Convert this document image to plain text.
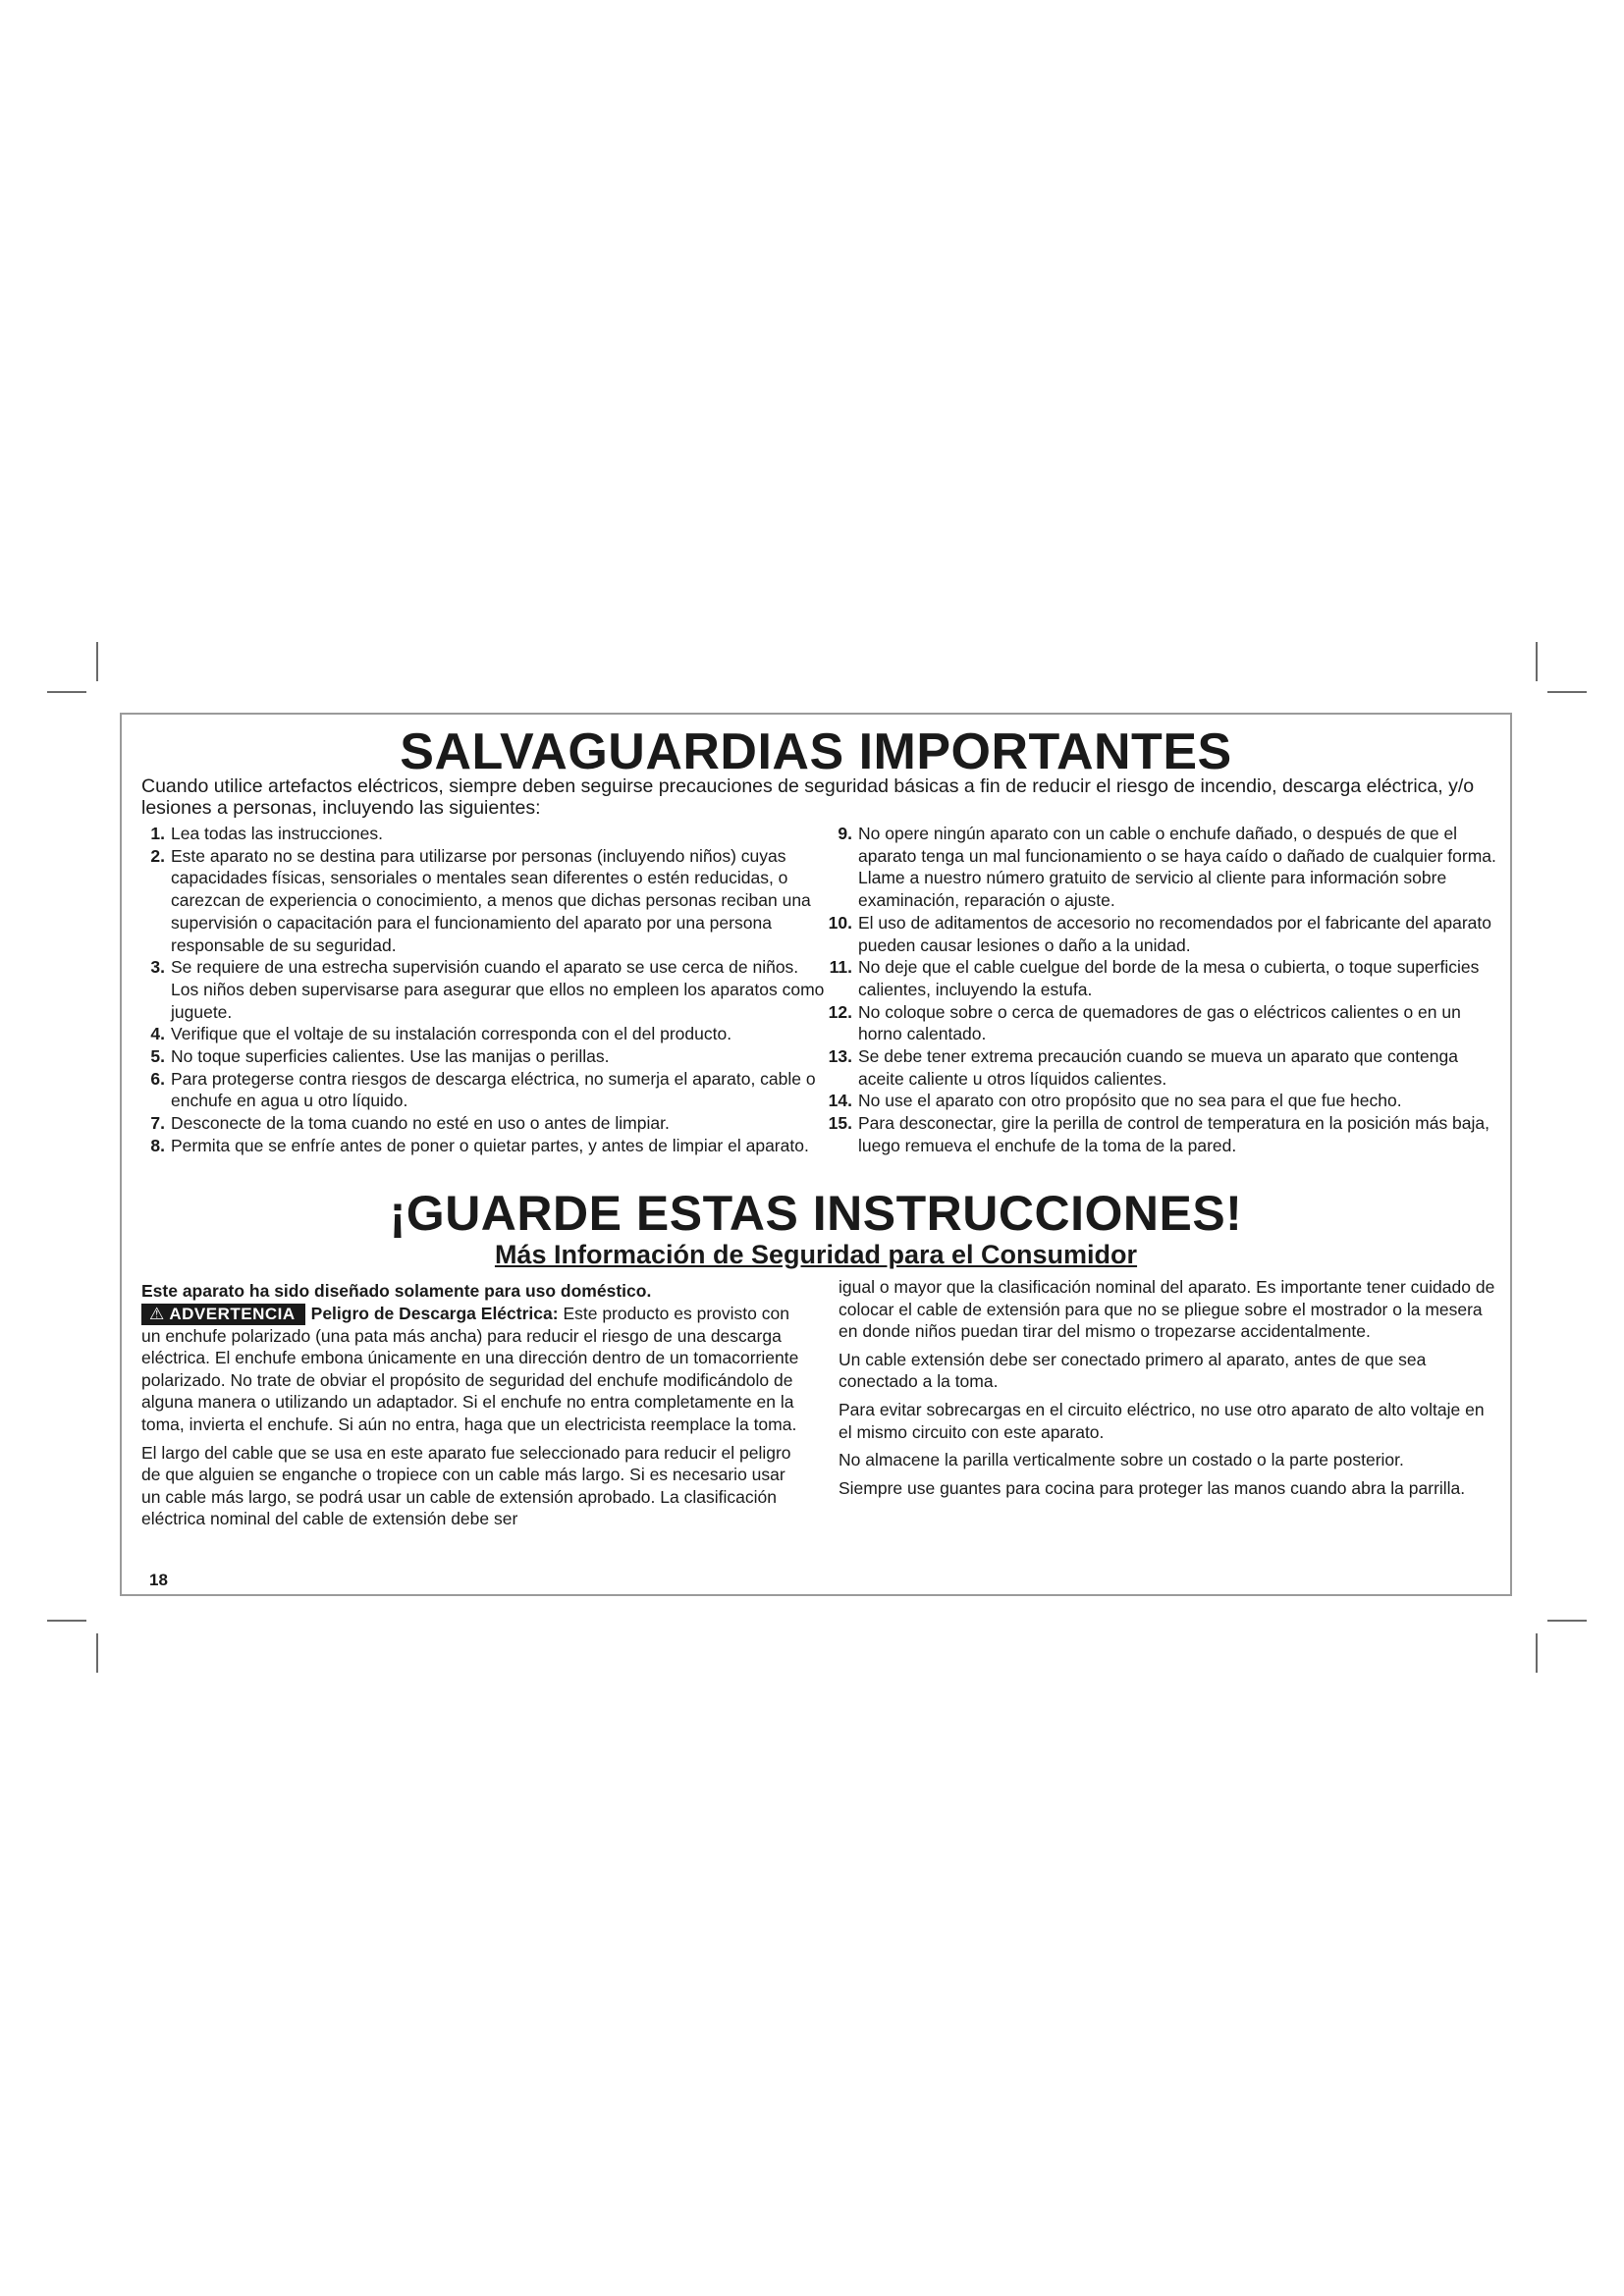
SALVAGUARDIAS IMPORTANTES

Cuando utilice artefactos eléctricos, siempre deben seguirse precauciones de seguridad básicas a fin de reducir el riesgo de incendio, descarga eléctrica, y/o lesiones a personas, incluyendo las siguientes:

1. Lea todas las instrucciones.

2. Este aparato no se destina para utilizarse por personas (incluyendo niños) cuyas capacidades físicas, sensoriales o mentales sean diferentes o estén reducidas, o carezcan de experiencia o conocimiento, a menos que dichas personas reciban una supervisión o capacitación para el funcionamiento del aparato por una persona responsable de su seguridad.

3. Se requiere de una estrecha supervisión cuando el aparato se use cerca de niños. Los niños deben supervisarse para asegurar que ellos no empleen los aparatos como juguete.

4. Verifique que el voltaje de su instalación corresponda con el del producto.

5. No toque superficies calientes. Use las manijas o perillas.

6. Para protegerse contra riesgos de descarga eléctrica, no sumerja el aparato, cable o enchufe en agua u otro líquido.

7. Desconecte de la toma cuando no esté en uso o antes de limpiar.

8. Permita que se enfríe antes de poner o quietar partes, y antes de limpiar el aparato.

9. No opere ningún aparato con un cable o enchufe dañado, o después de que el aparato tenga un mal funcionamiento o se haya caído o dañado de cualquier forma. Llame a nuestro número gratuito de servicio al cliente para información sobre examinación, reparación o ajuste.

10. El uso de aditamentos de accesorio no recomendados por el fabricante del aparato pueden causar lesiones o daño a la unidad.

11. No deje que el cable cuelgue del borde de la mesa o cubierta, o toque superficies calientes, incluyendo la estufa.

12. No coloque sobre o cerca de quemadores de gas o eléctricos calientes o en un horno calentado.

13. Se debe tener extrema precaución cuando se mueva un aparato que contenga aceite caliente u otros líquidos calientes.

14. No use el aparato con otro propósito que no sea para el que fue hecho.

15. Para desconectar, gire la perilla de control de temperatura en la posición más baja, luego remueva el enchufe de la toma de la pared.

¡GUARDE ESTAS INSTRUCCIONES!
Más Información de Seguridad para el Consumidor

Este aparato ha sido diseñado solamente para uso doméstico.

⚠ ADVERTENCIA Peligro de Descarga Eléctrica: Este producto es provisto con un enchufe polarizado (una pata más ancha) para reducir el riesgo de una descarga eléctrica. El enchufe embona únicamente en una dirección dentro de un tomacorriente polarizado. No trate de obviar el propósito de seguridad del enchufe modificándolo de alguna manera o utilizando un adaptador. Si el enchufe no entra completamente en la toma, invierta el enchufe. Si aún no entra, haga que un electricista reemplace la toma.

El largo del cable que se usa en este aparato fue seleccionado para reducir el peligro de que alguien se enganche o tropiece con un cable más largo. Si es necesario usar un cable más largo, se podrá usar un cable de extensión aprobado. La clasificación eléctrica nominal del cable de extensión debe ser

igual o mayor que la clasificación nominal del aparato. Es importante tener cuidado de colocar el cable de extensión para que no se pliegue sobre el mostrador o la mesera en donde niños puedan tirar del mismo o tropezarse accidentalmente.

Un cable extensión debe ser conectado primero al aparato, antes de que sea conectado a la toma.

Para evitar sobrecargas en el circuito eléctrico, no use otro aparato de alto voltaje en el mismo circuito con este aparato.

No almacene la parilla verticalmente sobre un costado o la parte posterior.

Siempre use guantes para cocina para proteger las manos cuando abra la parrilla.

18
